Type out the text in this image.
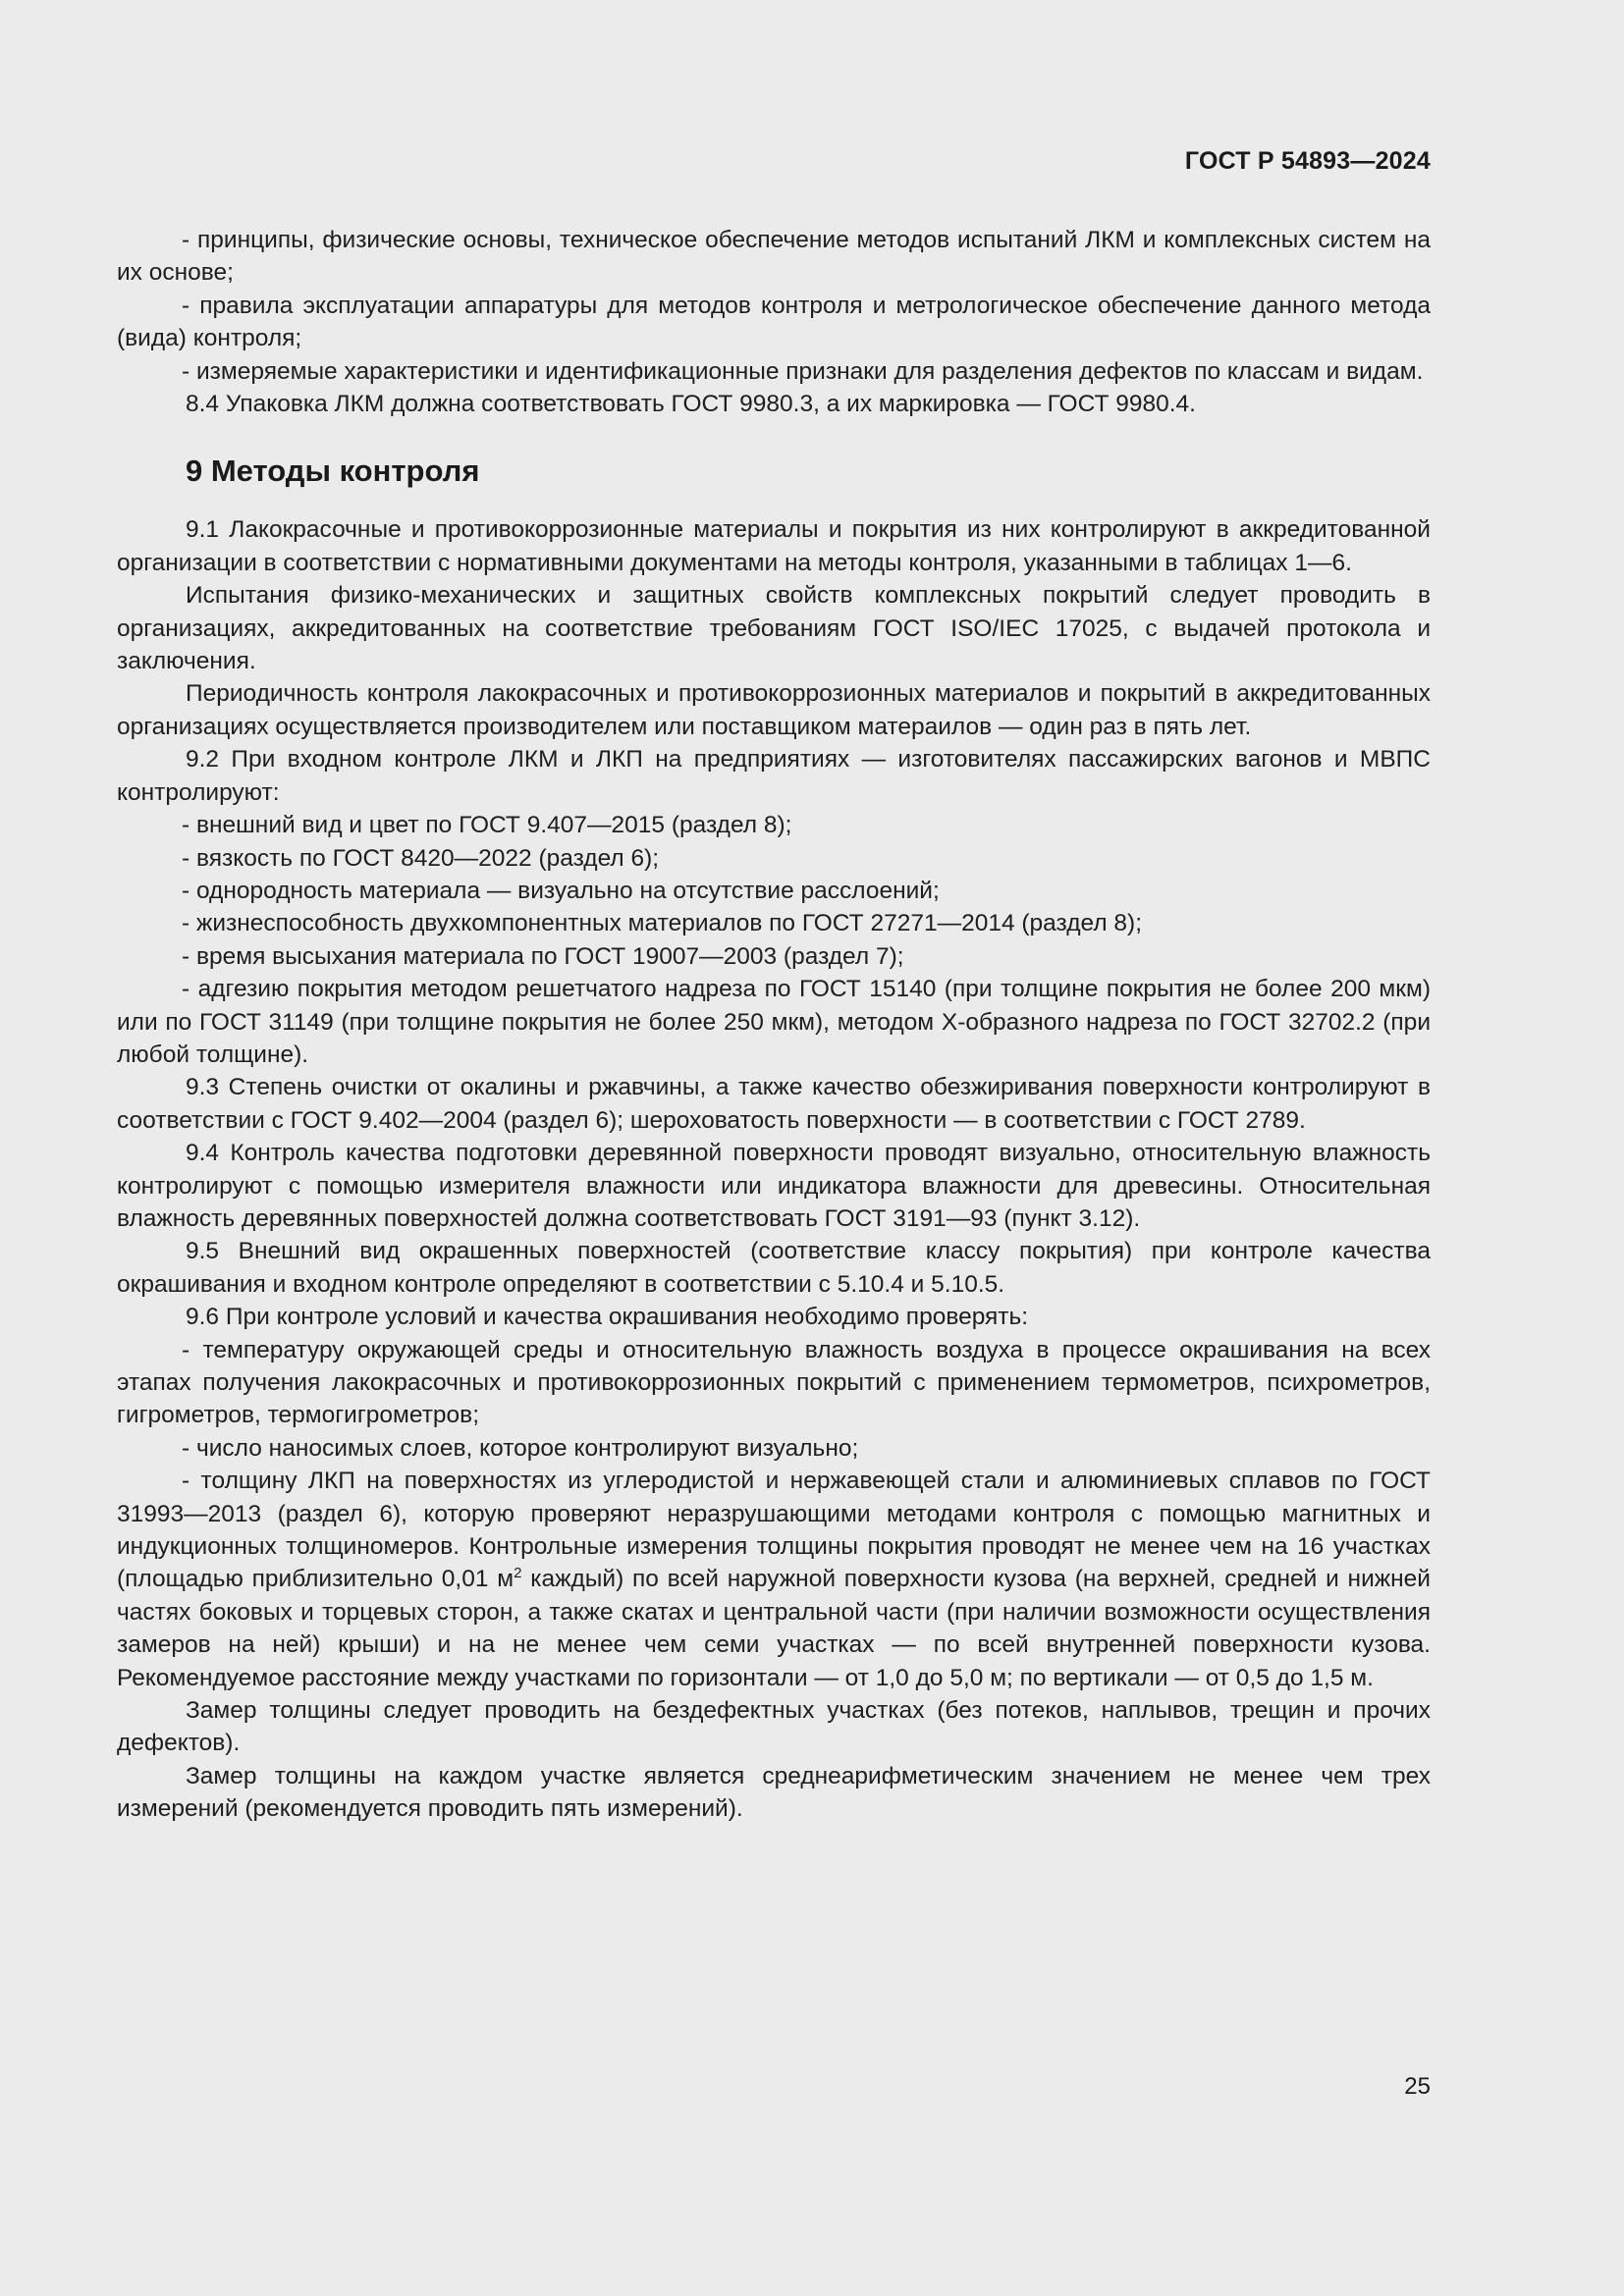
ГОСТ Р 54893—2024

- принципы, физические основы, техническое обеспечение методов испытаний ЛКМ и комплексных систем на их основе;

- правила эксплуатации аппаратуры для методов контроля и метрологическое обеспечение данного метода (вида) контроля;

- измеряемые характеристики и идентификационные признаки для разделения дефектов по классам и видам.

8.4 Упаковка ЛКМ должна соответствовать ГОСТ 9980.3, а их маркировка — ГОСТ 9980.4.

9 Методы контроля

9.1 Лакокрасочные и противокоррозионные материалы и покрытия из них контролируют в аккредитованной организации в соответствии с нормативными документами на методы контроля, указанными в таблицах 1—6.

Испытания физико-механических и защитных свойств комплексных покрытий следует проводить в организациях, аккредитованных на соответствие требованиям ГОСТ ISO/IEC 17025, с выдачей протокола и заключения.

Периодичность контроля лакокрасочных и противокоррозионных материалов и покрытий в аккредитованных организациях осуществляется производителем или поставщиком матераилов — один раз в пять лет.

9.2 При входном контроле ЛКМ и ЛКП на предприятиях — изготовителях пассажирских вагонов и МВПС контролируют:

- внешний вид и цвет по ГОСТ 9.407—2015 (раздел 8);

- вязкость по ГОСТ 8420—2022 (раздел 6);

- однородность материала — визуально на отсутствие расслоений;

- жизнеспособность двухкомпонентных материалов по ГОСТ 27271—2014 (раздел 8);

- время высыхания материала по ГОСТ 19007—2003 (раздел 7);

- адгезию покрытия методом решетчатого надреза по ГОСТ 15140 (при толщине покрытия не более 200 мкм) или по ГОСТ 31149 (при толщине покрытия не более 250 мкм), методом Х-образного надреза по ГОСТ 32702.2 (при любой толщине).

9.3 Степень очистки от окалины и ржавчины, а также качество обезжиривания поверхности контролируют в соответствии с ГОСТ 9.402—2004 (раздел 6); шероховатость поверхности — в соответствии с ГОСТ 2789.

9.4 Контроль качества подготовки деревянной поверхности проводят визуально, относительную влажность контролируют с помощью измерителя влажности или индикатора влажности для древесины. Относительная влажность деревянных поверхностей должна соответствовать ГОСТ 3191—93 (пункт 3.12).

9.5 Внешний вид окрашенных поверхностей (соответствие классу покрытия) при контроле качества окрашивания и входном контроле определяют в соответствии с 5.10.4 и 5.10.5.

9.6 При контроле условий и качества окрашивания необходимо проверять:

- температуру окружающей среды и относительную влажность воздуха в процессе окрашивания на всех этапах получения лакокрасочных и противокоррозионных покрытий с применением термометров, психрометров, гигрометров, термогигрометров;

- число наносимых слоев, которое контролируют визуально;

- толщину ЛКП на поверхностях из углеродистой и нержавеющей стали и алюминиевых сплавов по ГОСТ 31993—2013 (раздел 6), которую проверяют неразрушающими методами контроля с помощью магнитных и индукционных толщиномеров. Контрольные измерения толщины покрытия проводят не менее чем на 16 участках (площадью приблизительно 0,01 $м^2$ каждый) по всей наружной поверхности кузова (на верхней, средней и нижней частях боковых и торцевых сторон, а также скатах и центральной части (при наличии возможности осуществления замеров на ней) крыши) и на не менее чем семи участках — по всей внутренней поверхности кузова. Рекомендуемое расстояние между участками по горизонтали — от 1,0 до 5,0 м; по вертикали — от 0,5 до 1,5 м.

Замер толщины следует проводить на бездефектных участках (без потеков, наплывов, трещин и прочих дефектов).

Замер толщины на каждом участке является среднеарифметическим значением не менее чем трех измерений (рекомендуется проводить пять измерений).

25
